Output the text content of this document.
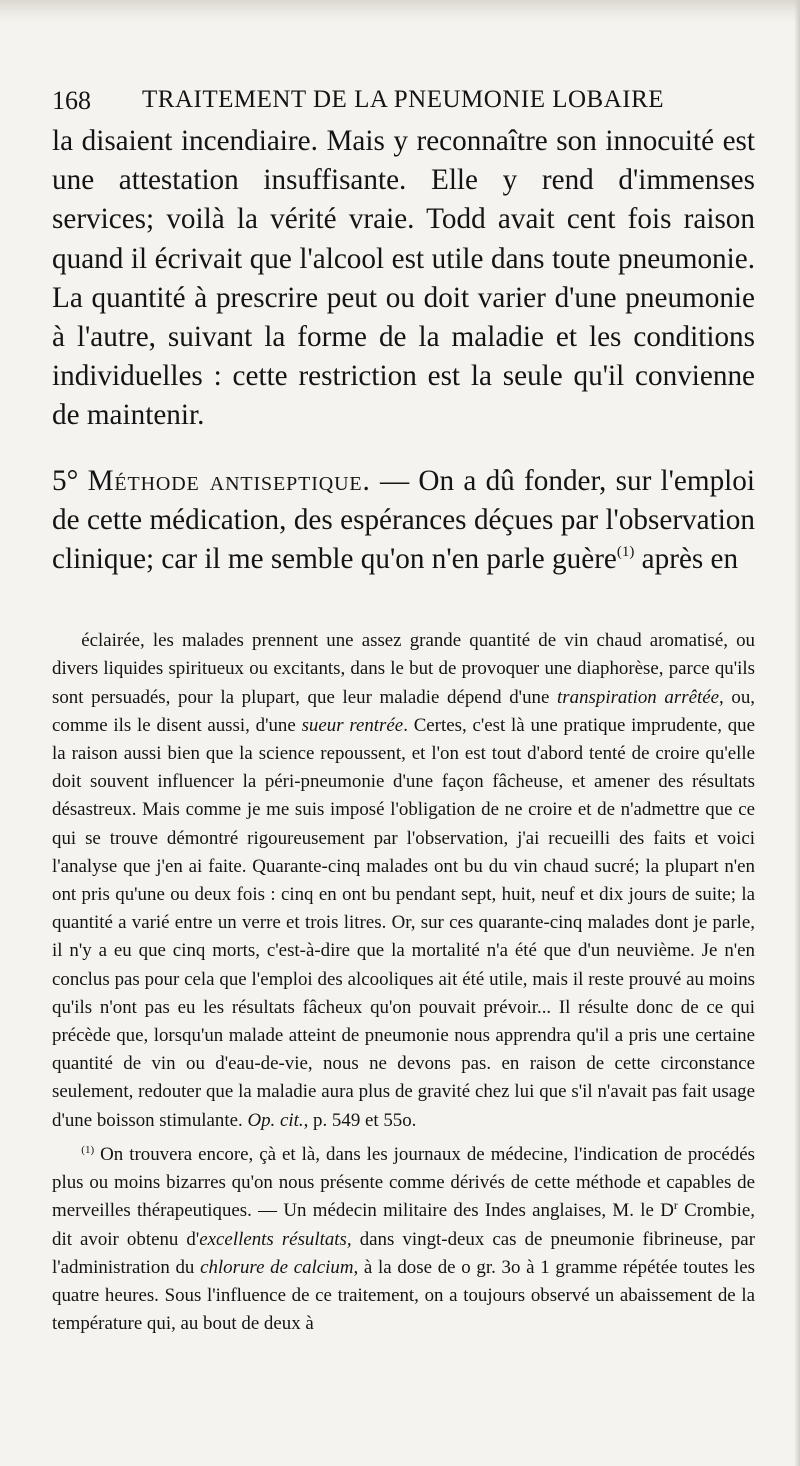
168 TRAITEMENT DE LA PNEUMONIE LOBAIRE

la disaient incendiaire. Mais y reconnaître son innocuité est une attestation insuffisante. Elle y rend d'immenses services; voilà la vérité vraie. Todd avait cent fois raison quand il écrivait que l'alcool est utile dans toute pneumonie. La quantité à prescrire peut ou doit varier d'une pneumonie à l'autre, suivant la forme de la maladie et les conditions individuelles : cette restriction est la seule qu'il convienne de maintenir.

5° Méthode antiseptique. — On a dû fonder, sur l'emploi de cette médication, des espérances déçues par l'observation clinique; car il me semble qu'on n'en parle guère$^{(1)}$ après en

éclairée, les malades prennent une assez grande quantité de vin chaud aromatisé, ou divers liquides spiritueux ou excitants, dans le but de provoquer une diaphorèse, parce qu'ils sont persuadés, pour la plupart, que leur maladie dépend d'une transpiration arrêtée, ou, comme ils le disent aussi, d'une sueur rentrée. Certes, c'est là une pratique imprudente, que la raison aussi bien que la science repoussent, et l'on est tout d'abord tenté de croire qu'elle doit souvent influencer la péri-pneumonie d'une façon fâcheuse, et amener des résultats désastreux. Mais comme je me suis imposé l'obligation de ne croire et de n'admettre que ce qui se trouve démontré rigoureusement par l'observation, j'ai recueilli des faits et voici l'analyse que j'en ai faite. Quarante-cinq malades ont bu du vin chaud sucré; la plupart n'en ont pris qu'une ou deux fois : cinq en ont bu pendant sept, huit, neuf et dix jours de suite; la quantité a varié entre un verre et trois litres. Or, sur ces quarante-cinq malades dont je parle, il n'y a eu que cinq morts, c'est-à-dire que la mortalité n'a été que d'un neuvième. Je n'en conclus pas pour cela que l'emploi des alcooliques ait été utile, mais il reste prouvé au moins qu'ils n'ont pas eu les résultats fâcheux qu'on pouvait prévoir... Il résulte donc de ce qui précède que, lorsqu'un malade atteint de pneumonie nous apprendra qu'il a pris une certaine quantité de vin ou d'eau-de-vie, nous ne devons pas. en raison de cette circonstance seulement, redouter que la maladie aura plus de gravité chez lui que s'il n'avait pas fait usage d'une boisson stimulante. Op. cit., p. 549 et 55o.

$^{(1)}$ On trouvera encore, çà et là, dans les journaux de médecine, l'indication de procédés plus ou moins bizarres qu'on nous présente comme dérivés de cette méthode et capables de merveilles thérapeutiques. — Un médecin militaire des Indes anglaises, M. le $D^r$ Crombie, dit avoir obtenu d'excellents résultats, dans vingt-deux cas de pneumonie fibrineuse, par l'administration du chlorure de calcium, à la dose de o gr. 3o à 1 gramme répétée toutes les quatre heures. Sous l'influence de ce traitement, on a toujours observé un abaissement de la température qui, au bout de deux à
